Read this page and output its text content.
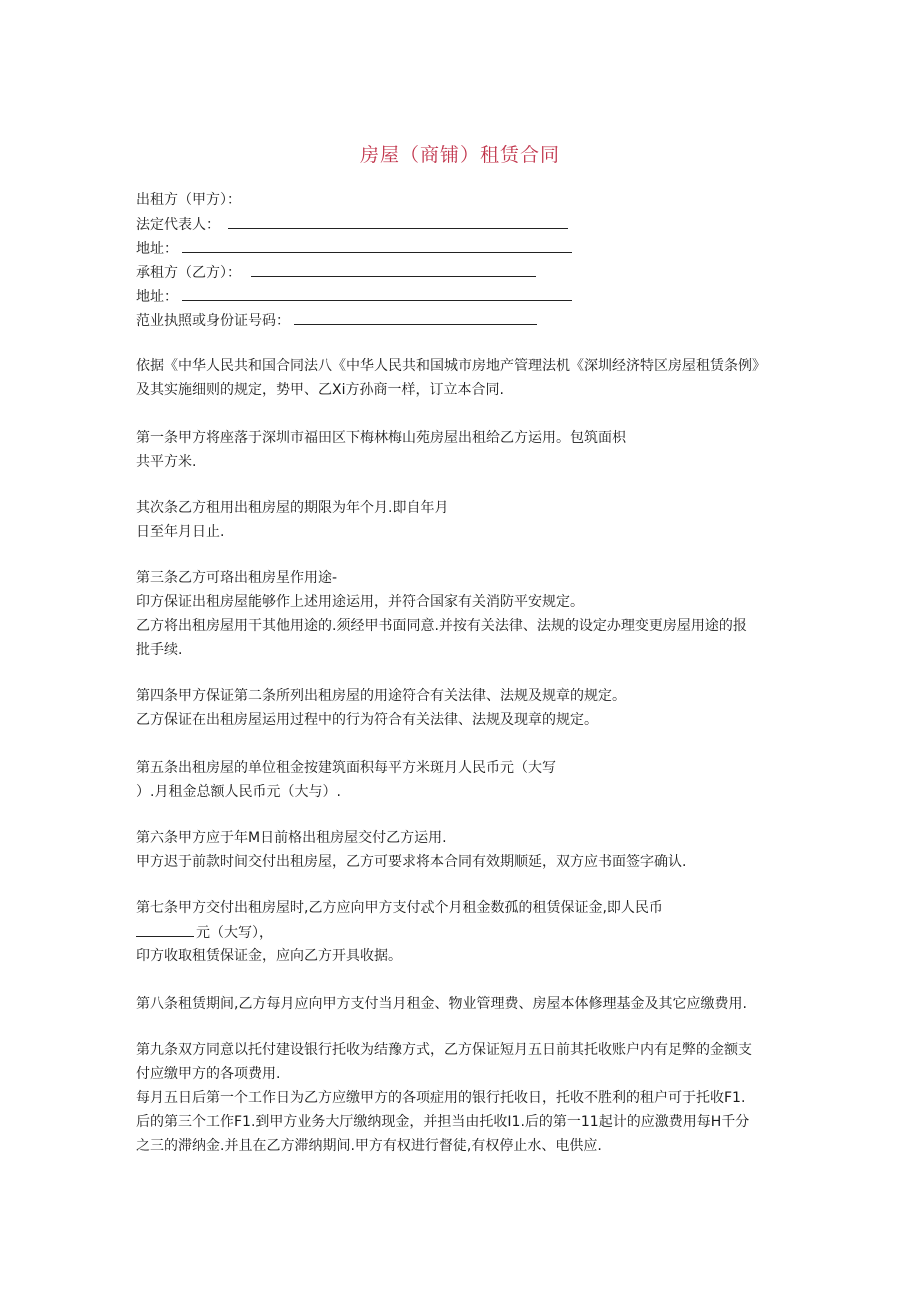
房屋（商铺）租赁合同
出租方（甲方）：
法定代表人：
地址：
承租方（乙方）：
地址：
范业执照或身份证号码：
依据《中华人民共和国合同法八《中华人民共和国城市房地产管理法机《深圳经济特区房屋租赁条例》
及其实施细则的规定，势甲、乙Xi方孙商一样，订立本合同.
第一条甲方将座落于深圳市福田区下梅林梅山苑房屋出租给乙方运用。包筑面枳
共平方米.
其次条乙方租用出租房屋的期限为年个月.即自年月
日至年月日止.
第三条乙方可珞出租房星作用途-
印方保证出租房屋能够作上述用途运用，并符合国家有关消防平安规定。
乙方将出租房屋用干其他用途的.须经甲书面同意.并按有关法律、法规的设定办理变更房屋用途的报
批手续.
第四条甲方保证第二条所列出租房屋的用途符合有关法律、法规及规章的规定。
乙方保证在出租房屋运用过程中的行为符合有关法律、法规及现章的规定。
第五条出租房屋的单位租金按建筑面积每平方米斑月人民币元（大写
）.月租金总额人民币元（大与）.
第六条甲方应于年M日前格出租房屋交付乙方运用.
甲方迟于前款时间交付出租房屋，乙方可要求将本合同有效期顺延，双方应书面签字确认.
第七条甲方交付出租房屋时,乙方应向甲方支付忒个月租金数孤的租赁保证金,即人民币
元（大写），
印方收取租赁保证金，应向乙方开具收据。
第八条租赁期间,乙方每月应向甲方支付当月租金、物业管理费、房屋本体修理基金及其它应缴费用.
第九条双方同意以托付建设银行托收为结豫方式，乙方保证短月五日前其托收账户内有足弊的金额支
付应缴甲方的各项费用.
每月五日后第一个工作日为乙方应缴甲方的各项症用的银行托收日，托收不胜利的租户可于托收F1.
后的第三个工作F1.到甲方业务大厅缴纳现金，并担当由托收I1.后的第一11起计的应激费用每H千分
之三的滞纳金.并且在乙方滞纳期间.甲方有权进行督徒,有权停止水、电供应.
